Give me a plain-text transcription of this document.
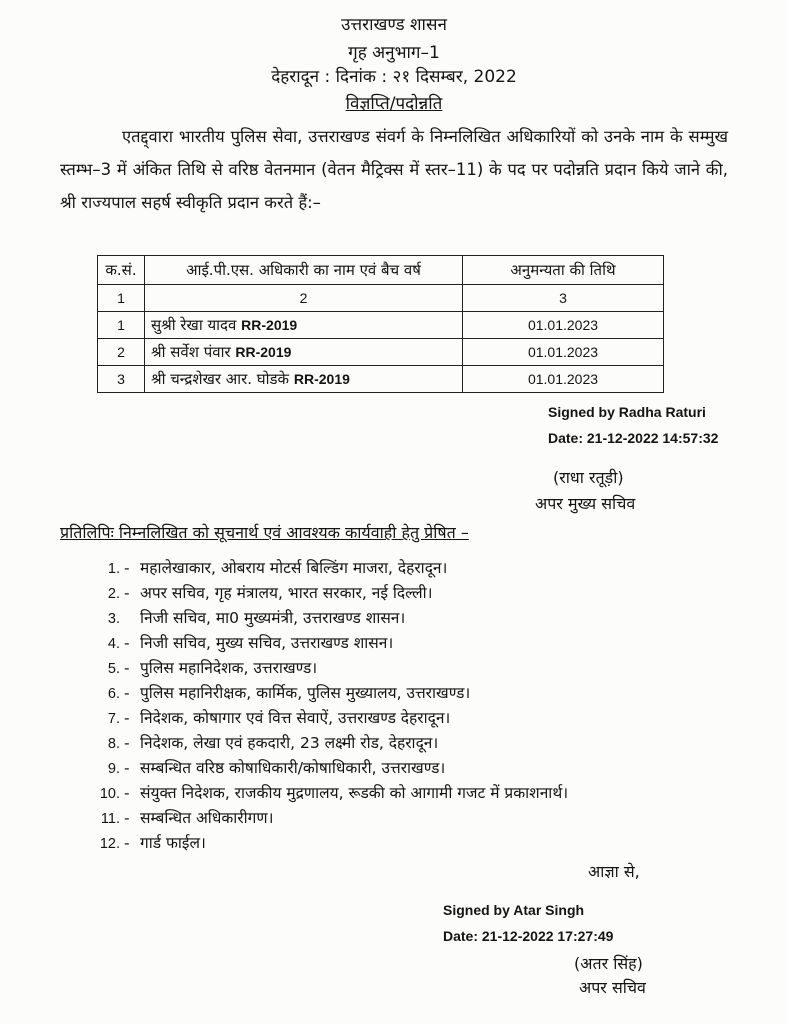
उत्तराखण्ड शासन
गृह अनुभाग–1
देहरादून : दिनांक : २१ दिसम्बर, 2022
विज्ञप्ति/पदोन्नति
एतद्द्वारा भारतीय पुलिस सेवा, उत्तराखण्ड संवर्ग के निम्नलिखित अधिकारियों को उनके नाम के सम्मुख स्तम्भ–3 में अंकित तिथि से वरिष्ठ वेतनमान (वेतन मैट्रिक्स में स्तर–11) के पद पर पदोन्नति प्रदान किये जाने की, श्री राज्यपाल सहर्ष स्वीकृति प्रदान करते हैं:–
क.सं.	आई.पी.एस. अधिकारी का नाम एवं बैच वर्ष	अनुमन्यता की तिथि
1	2	3
1	सुश्री रेखा यादव RR-2019	01.01.2023
2	श्री सर्वेश पंवार RR-2019	01.01.2023
3	श्री चन्द्रशेखर आर. घोडके RR-2019	01.01.2023
Signed by Radha Raturi
Date: 21-12-2022 14:57:32
(राधा रतूड़ी)
अपर मुख्य सचिव
प्रतिलिपिः निम्नलिखित को सूचनार्थ एवं आवश्यक कार्यवाही हेतु प्रेषित –
1. - महालेखाकार, ओबराय मोटर्स बिल्डिंग माजरा, देहरादून।
2. - अपर सचिव, गृह मंत्रालय, भारत सरकार, नई दिल्ली।
3. निजी सचिव, मा0 मुख्यमंत्री, उत्तराखण्ड शासन।
4. - निजी सचिव, मुख्य सचिव, उत्तराखण्ड शासन।
5. - पुलिस महानिदेशक, उत्तराखण्ड।
6. - पुलिस महानिरीक्षक, कार्मिक, पुलिस मुख्यालय, उत्तराखण्ड।
7. - निदेशक, कोषागार एवं वित्त सेवाऐं, उत्तराखण्ड देहरादून।
8. - निदेशक, लेखा एवं हकदारी, 23 लक्ष्मी रोड, देहरादून।
9. - सम्बन्धित वरिष्ठ कोषाधिकारी/कोषाधिकारी, उत्तराखण्ड।
10. - संयुक्त निदेशक, राजकीय मुद्रणालय, रूडकी को आगामी गजट में प्रकाशनार्थ।
11. - सम्बन्धित अधिकारीगण।
12. - गार्ड फाईल।
आज्ञा से,
Signed by Atar Singh
Date: 21-12-2022 17:27:49
(अतर सिंह)
अपर सचिव
